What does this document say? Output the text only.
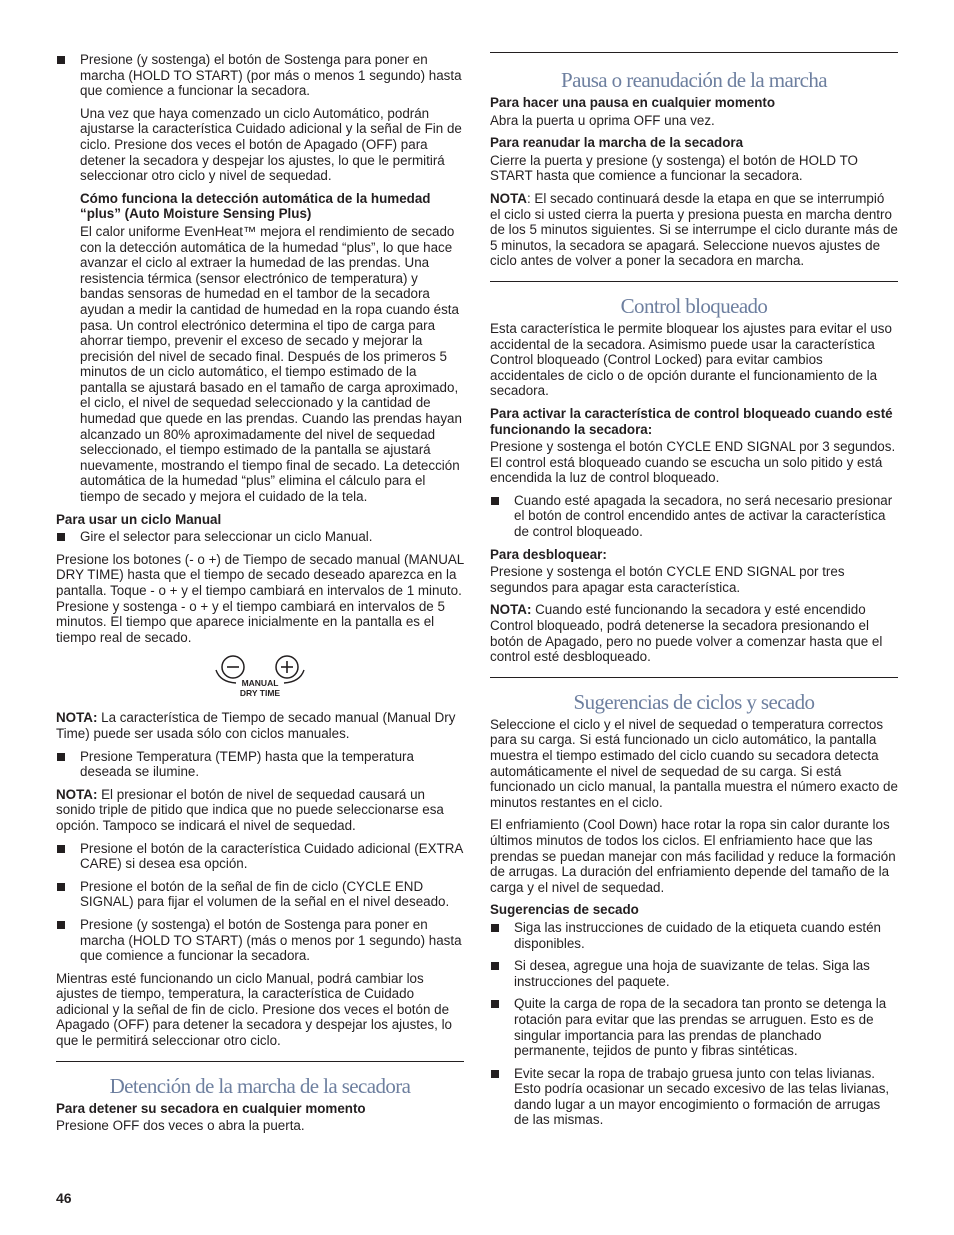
Presione (y sostenga) el botón de Sostenga para poner en marcha (HOLD TO START) (por más o menos 1 segundo) hasta que comience a funcionar la secadora.

Una vez que haya comenzado un ciclo Automático, podrán ajustarse la característica Cuidado adicional y la señal de Fin de ciclo. Presione dos veces el botón de Apagado (OFF) para detener la secadora y despejar los ajustes, lo que le permitirá seleccionar otro ciclo y nivel de sequedad.

Cómo funciona la detección automática de la humedad “plus” (Auto Moisture Sensing Plus)

El calor uniforme EvenHeat™ mejora el rendimiento de secado con la detección automática de la humedad “plus”, lo que hace avanzar el ciclo al extraer la humedad de las prendas. Una resistencia térmica (sensor electrónico de temperatura) y bandas sensoras de humedad en el tambor de la secadora ayudan a medir la cantidad de humedad en la ropa cuando ésta pasa. Un control electrónico determina el tipo de carga para ahorrar tiempo, prevenir el exceso de secado y mejorar la precisión del nivel de secado final. Después de los primeros 5 minutos de un ciclo automático, el tiempo estimado de la pantalla se ajustará basado en el tamaño de carga aproximado, el ciclo, el nivel de sequedad seleccionado y la cantidad de humedad que quede en las prendas. Cuando las prendas hayan alcanzado un 80% aproximadamente del nivel de sequedad seleccionado, el tiempo estimado de la pantalla se ajustará nuevamente, mostrando el tiempo final de secado. La detección automática de la humedad “plus” elimina el cálculo para el tiempo de secado y mejora el cuidado de la tela.

Para usar un ciclo Manual

Gire el selector para seleccionar un ciclo Manual.

Presione los botones (- o +) de Tiempo de secado manual (MANUAL DRY TIME) hasta que el tiempo de secado deseado aparezca en la pantalla. Toque - o + y el tiempo cambiará en intervalos de 1 minuto. Presione y sostenga - o + y el tiempo cambiará en intervalos de 5 minutos. El tiempo que aparece inicialmente en la pantalla es el tiempo real de secado.

MANUAL
DRY TIME

NOTA: La característica de Tiempo de secado manual (Manual Dry Time) puede ser usada sólo con ciclos manuales.

Presione Temperatura (TEMP) hasta que la temperatura deseada se ilumine.

NOTA: El presionar el botón de nivel de sequedad causará un sonido triple de pitido que indica que no puede seleccionarse esa opción. Tampoco se indicará el nivel de sequedad.

Presione el botón de la característica Cuidado adicional (EXTRA CARE) si desea esa opción.

Presione el botón de la señal de fin de ciclo (CYCLE END SIGNAL) para fijar el volumen de la señal en el nivel deseado.

Presione (y sostenga) el botón de Sostenga para poner en marcha (HOLD TO START) (más o menos por 1 segundo) hasta que comience a funcionar la secadora.

Mientras esté funcionando un ciclo Manual, podrá cambiar los ajustes de tiempo, temperatura, la característica de Cuidado adicional y la señal de fin de ciclo. Presione dos veces el botón de Apagado (OFF) para detener la secadora y despejar los ajustes, lo que le permitirá seleccionar otro ciclo.

Detención de la marcha de la secadora

Para detener su secadora en cualquier momento

Presione OFF dos veces o abra la puerta.

Pausa o reanudación de la marcha

Para hacer una pausa en cualquier momento

Abra la puerta u oprima OFF una vez.

Para reanudar la marcha de la secadora

Cierre la puerta y presione (y sostenga) el botón de HOLD TO START hasta que comience a funcionar la secadora.

NOTA: El secado continuará desde la etapa en que se interrumpió el ciclo si usted cierra la puerta y presiona puesta en marcha dentro de los 5 minutos siguientes. Si se interrumpe el ciclo durante más de 5 minutos, la secadora se apagará. Seleccione nuevos ajustes de ciclo antes de volver a poner la secadora en marcha.

Control bloqueado

Esta característica le permite bloquear los ajustes para evitar el uso accidental de la secadora. Asimismo puede usar la característica Control bloqueado (Control Locked) para evitar cambios accidentales de ciclo o de opción durante el funcionamiento de la secadora.

Para activar la característica de control bloqueado cuando esté funcionando la secadora:

Presione y sostenga el botón CYCLE END SIGNAL por 3 segundos. El control está bloqueado cuando se escucha un solo pitido y está encendida la luz de control bloqueado.

Cuando esté apagada la secadora, no será necesario presionar el botón de control encendido antes de activar la característica de control bloqueado.

Para desbloquear:

Presione y sostenga el botón CYCLE END SIGNAL por tres segundos para apagar esta característica.

NOTA: Cuando esté funcionando la secadora y esté encendido Control bloqueado, podrá detenerse la secadora presionando el botón de Apagado, pero no puede volver a comenzar hasta que el control esté desbloqueado.

Sugerencias de ciclos y secado

Seleccione el ciclo y el nivel de sequedad o temperatura correctos para su carga. Si está funcionado un ciclo automático, la pantalla muestra el tiempo estimado del ciclo cuando su secadora detecta automáticamente el nivel de sequedad de su carga. Si está funcionado un ciclo manual, la pantalla muestra el número exacto de minutos restantes en el ciclo.

El enfriamiento (Cool Down) hace rotar la ropa sin calor durante los últimos minutos de todos los ciclos. El enfriamiento hace que las prendas se puedan manejar con más facilidad y reduce la formación de arrugas. La duración del enfriamiento depende del tamaño de la carga y el nivel de sequedad.

Sugerencias de secado

Siga las instrucciones de cuidado de la etiqueta cuando estén disponibles.

Si desea, agregue una hoja de suavizante de telas. Siga las instrucciones del paquete.

Quite la carga de ropa de la secadora tan pronto se detenga la rotación para evitar que las prendas se arruguen. Esto es de singular importancia para las prendas de planchado permanente, tejidos de punto y fibras sintéticas.

Evite secar la ropa de trabajo gruesa junto con telas livianas. Esto podría ocasionar un secado excesivo de las telas livianas, dando lugar a un mayor encogimiento o formación de arrugas de las mismas.

46
